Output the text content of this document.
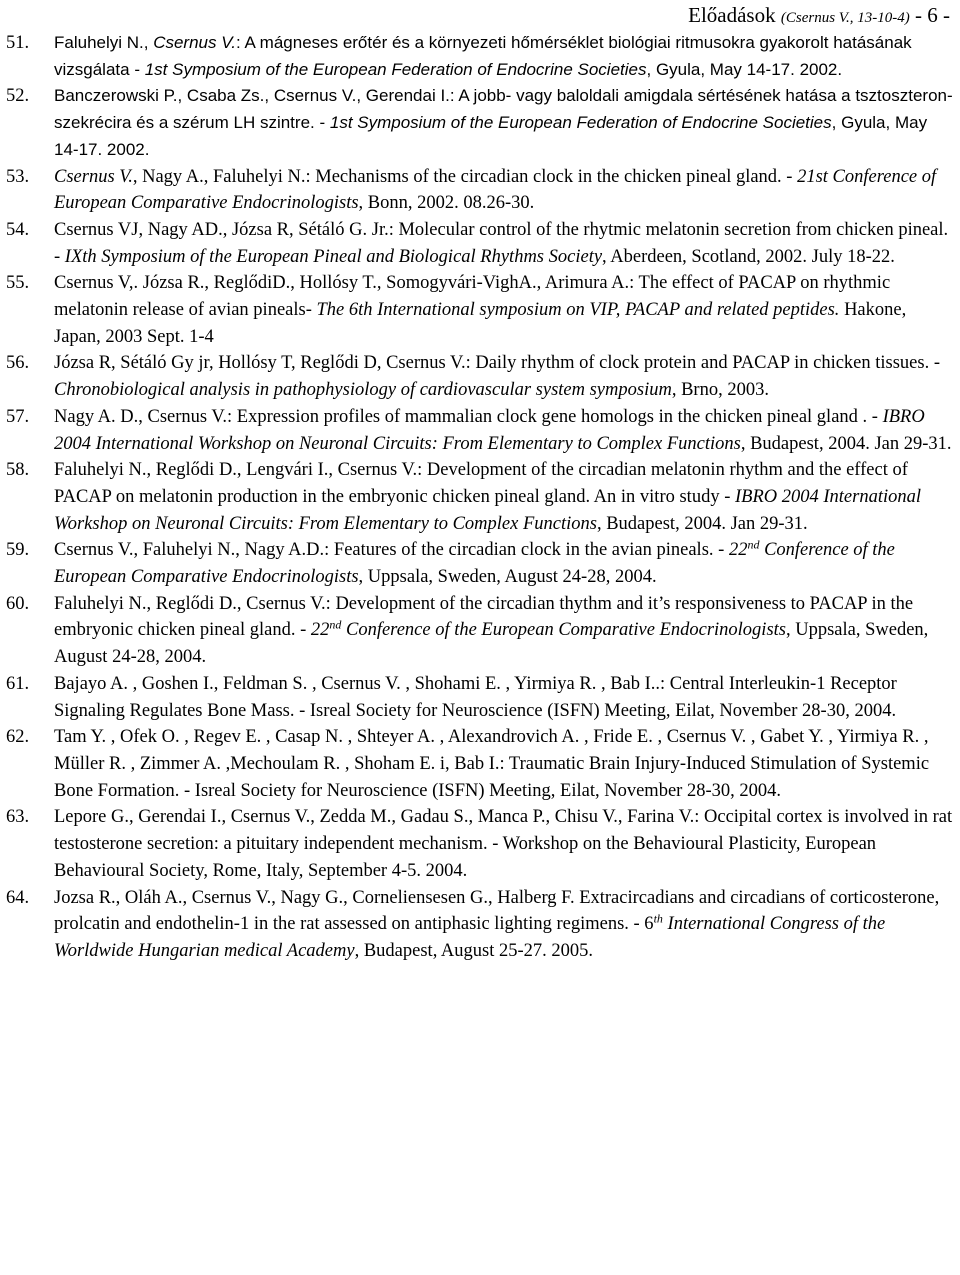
Előadások (Csernus V., 13-10-4) - 6 -
51. Faluhelyi N., Csernus V.: A mágneses erőtér és a környezeti hőmérséklet biológiai ritmusokra gyakorolt hatásának vizsgálata - 1st Symposium of the European Federation of Endocrine Societies, Gyula, May 14-17. 2002.
52. Banczerowski P., Csaba Zs., Csernus V., Gerendai I.: A jobb- vagy baloldali amigdala sértésének hatása a tsztoszteron-szekrécira és a szérum LH szintre. - 1st Symposium of the European Federation of Endocrine Societies, Gyula, May 14-17. 2002.
53. Csernus V., Nagy A., Faluhelyi N.: Mechanisms of the circadian clock in the chicken pineal gland. - 21st Conference of European Comparative Endocrinologists, Bonn, 2002. 08.26-30.
54. Csernus VJ, Nagy AD., Józsa R, Sétáló G. Jr.: Molecular control of the rhytmic melatonin secretion from chicken pineal. - IXth Symposium of the European Pineal and Biological Rhythms Society, Aberdeen, Scotland, 2002. July 18-22.
55. Csernus V,. Józsa R., ReglődiD., Hollósy T., Somogyvári-VighA., Arimura A.: The effect of PACAP on rhythmic melatonin release of avian pineals- The 6th International symposium on VIP, PACAP and related peptides. Hakone, Japan, 2003 Sept. 1-4
56. Józsa R, Sétáló Gy jr, Hollósy T, Reglődi D, Csernus V.: Daily rhythm of clock protein and PACAP in chicken tissues. - Chronobiological analysis in pathophysiology of cardiovascular system symposium, Brno, 2003.
57. Nagy A. D., Csernus V.: Expression profiles of mammalian clock gene homologs in the chicken pineal gland . - IBRO 2004 International Workshop on Neuronal Circuits: From Elementary to Complex Functions, Budapest, 2004. Jan 29-31.
58. Faluhelyi N., Reglődi D., Lengvári I., Csernus V.: Development of the circadian melatonin rhythm and the effect of PACAP on melatonin production in the embryonic chicken pineal gland. An in vitro study - IBRO 2004 International Workshop on Neuronal Circuits: From Elementary to Complex Functions, Budapest, 2004. Jan 29-31.
59. Csernus V., Faluhelyi N., Nagy A.D.: Features of the circadian clock in the avian pineals. - 22nd Conference of the European Comparative Endocrinologists, Uppsala, Sweden, August 24-28, 2004.
60. Faluhelyi N., Reglődi D., Csernus V.: Development of the circadian thythm and it’s responsiveness to PACAP in the embryonic chicken pineal gland. - 22nd Conference of the European Comparative Endocrinologists, Uppsala, Sweden, August 24-28, 2004.
61. Bajayo A. , Goshen I., Feldman S. , Csernus V. , Shohami E. , Yirmiya R. , Bab I..: Central Interleukin-1 Receptor Signaling Regulates Bone Mass. - Isreal Society for Neuroscience (ISFN) Meeting, Eilat, November 28-30, 2004.
62. Tam Y. , Ofek O. , Regev E. , Casap N. , Shteyer A. , Alexandrovich A. , Fride E. , Csernus V. , Gabet Y. , Yirmiya R. , Müller R. , Zimmer A. ,Mechoulam R. , Shoham E. i, Bab I.: Traumatic Brain Injury-Induced Stimulation of Systemic Bone Formation. - Isreal Society for Neuroscience (ISFN) Meeting, Eilat, November 28-30, 2004.
63. Lepore G., Gerendai I., Csernus V., Zedda M., Gadau S., Manca P., Chisu V., Farina V.: Occipital cortex is involved in rat testosterone secretion: a pituitary independent mechanism. - Workshop on the Behavioural Plasticity, European Behavioural Society, Rome, Italy, September 4-5. 2004.
64. Jozsa R., Oláh A., Csernus V., Nagy G., Corneliensesen G., Halberg F. Extracircadians and circadians of corticosterone, prolcatin and endothelin-1 in the rat assessed on antiphasic lighting regimens. - 6th International Congress of the Worldwide Hungarian medical Academy, Budapest, August 25-27. 2005.
